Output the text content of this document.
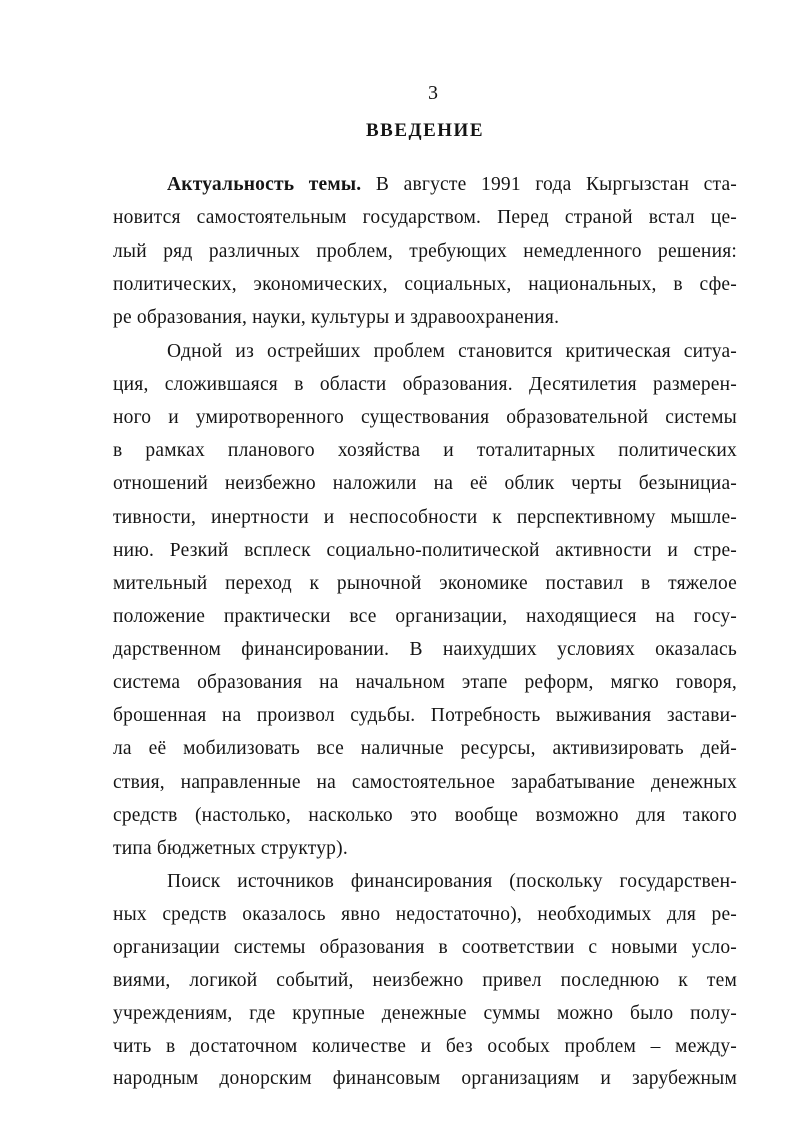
3
ВВЕДЕНИЕ
Актуальность темы. В августе 1991 года Кыргызстан ста-
новится самостоятельным государством. Перед страной встал це-
лый ряд различных проблем, требующих немедленного решения:
политических, экономических, социальных, национальных, в сфе-
ре образования, науки, культуры и здравоохранения.
Одной из острейших проблем становится критическая ситуа-
ция, сложившаяся в области образования. Десятилетия размерен-
ного и умиротворенного существования образовательной системы
в рамках планового хозяйства и тоталитарных политических
отношений неизбежно наложили на её облик черты безынициа-
тивности, инертности и неспособности к перспективному мышле-
нию. Резкий всплеск социально-политической активности и стре-
мительный переход к рыночной экономике поставил в тяжелое
положение практически все организации, находящиеся на госу-
дарственном финансировании. В наихудших условиях оказалась
система образования на начальном этапе реформ, мягко говоря,
брошенная на произвол судьбы. Потребность выживания застави-
ла её мобилизовать все наличные ресурсы, активизировать дей-
ствия, направленные на самостоятельное зарабатывание денежных
средств (настолько, насколько это вообще возможно для такого
типа бюджетных структур).
Поиск источников финансирования (поскольку государствен-
ных средств оказалось явно недостаточно), необходимых для ре-
организации системы образования в соответствии с новыми усло-
виями, логикой событий, неизбежно привел последнюю к тем
учреждениям, где крупные денежные суммы можно было полу-
чить в достаточном количестве и без особых проблем – между-
народным донорским финансовым организациям и зарубежным
